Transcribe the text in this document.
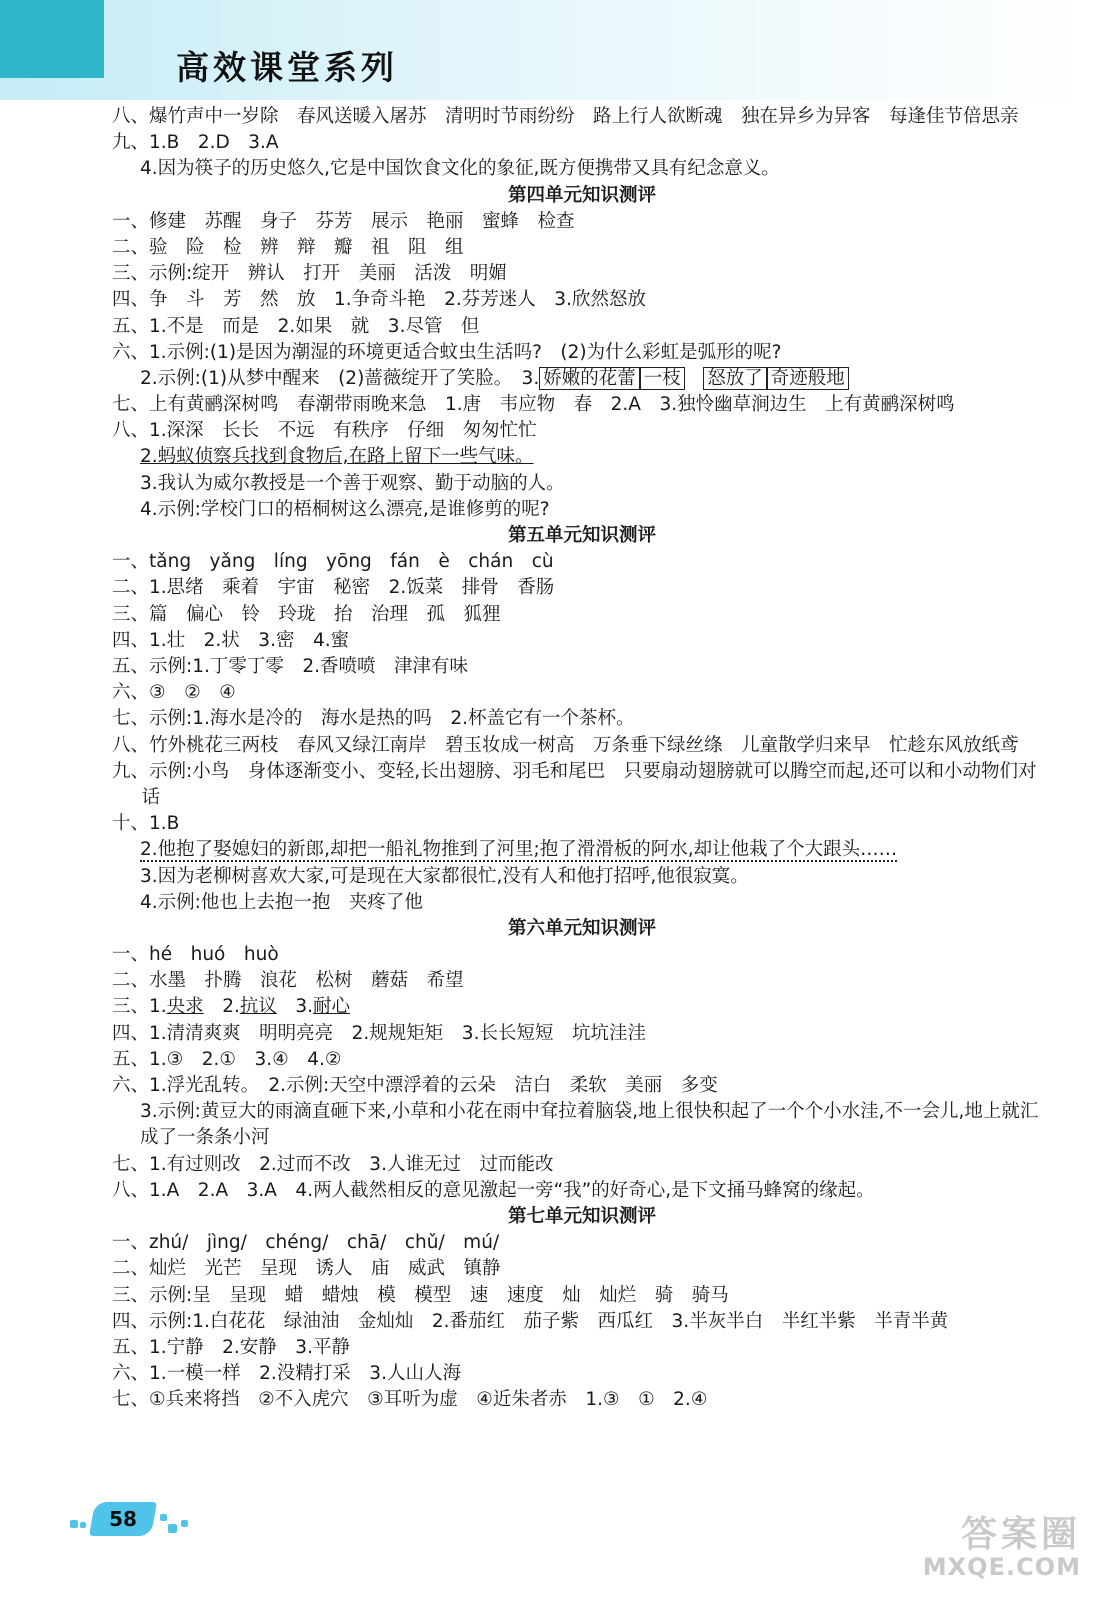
高效课堂系列
八、爆竹声中一岁除　春风送暖入屠苏　清明时节雨纷纷　路上行人欲断魂　独在异乡为异客　每逢佳节倍思亲
九、1.B　2.D　3.A
4.因为筷子的历史悠久,它是中国饮食文化的象征,既方便携带又具有纪念意义。
第四单元知识测评
一、修建　苏醒　身子　芬芳　展示　艳丽　蜜蜂　检查
二、验　险　检　辨　辩　瓣　祖　阻　组
三、示例:绽开　辨认　打开　美丽　活泼　明媚
四、争　斗　芳　然　放　1.争奇斗艳　2.芬芳迷人　3.欣然怒放
五、1.不是　而是　2.如果　就　3.尽管　但
六、1.示例:(1)是因为潮湿的环境更适合蚊虫生活吗?　(2)为什么彩虹是弧形的呢?
2.示例:(1)从梦中醒来　(2)蔷薇绽开了笑脸。　3. 娇嫩的花蕾 一枝　 怒放了 奇迹般地
七、上有黄鹂深树鸣　春潮带雨晚来急　1.唐　韦应物　春　2.A　3.独怜幽草涧边生　上有黄鹂深树鸣
八、1.深深　长长　不远　有秩序　仔细　匆匆忙忙
2.蚂蚁侦察兵找到食物后,在路上留下一些气味。
3.我认为威尔教授是一个善于观察、勤于动脑的人。
4.示例:学校门口的梧桐树这么漂亮,是谁修剪的呢?
第五单元知识测评
一、tǎng　yǎng　líng　yōng　fán　è　chán　cù
二、1.思绪　乘着　宇宙　秘密　2.饭菜　排骨　香肠
三、篇　偏心　铃　玲珑　抬　治理　孤　狐狸
四、1.壮　2.状　3.密　4.蜜
五、示例:1.丁零丁零　2.香喷喷　津津有味
六、③　②　④
七、示例:1.海水是冷的　海水是热的吗　2.杯盖它有一个茶杯。
八、竹外桃花三两枝　春风又绿江南岸　碧玉妆成一树高　万条垂下绿丝绦　儿童散学归来早　忙趁东风放纸鸢
九、示例:小鸟　身体逐渐变小、变轻,长出翅膀、羽毛和尾巴　只要扇动翅膀就可以腾空而起,还可以和小动物们对话
十、1.B
2.他抱了娶媳妇的新郎,却把一船礼物推到了河里;抱了滑滑板的阿水,却让他栽了个大跟头……
3.因为老柳树喜欢大家,可是现在大家都很忙,没有人和他打招呼,他很寂寞。
4.示例:他也上去抱一抱　夹疼了他
第六单元知识测评
一、hé　huó　huò
二、水墨　扑腾　浪花　松树　蘑菇　希望
三、1.央求　 2.抗议　 3.耐心
四、1.清清爽爽　明明亮亮　2.规规矩矩　3.长长短短　坑坑洼洼
五、1.③　2.①　3.④　4.②
六、1.浮光乱转。　2.示例:天空中漂浮着的云朵　洁白　柔软　美丽　多变
3.示例:黄豆大的雨滴直砸下来,小草和小花在雨中耷拉着脑袋,地上很快积起了一个个小水洼,不一会儿,地上就汇成了一条条小河
七、1.有过则改　2.过而不改　3.人谁无过　过而能改
八、1.A　2.A　3.A　4.两人截然相反的意见激起一旁“我”的好奇心,是下文捅马蜂窝的缘起。
第七单元知识测评
一、zhú/　jìng/　chéng/　chā/　chǔ/　mú/
二、灿烂　光芒　呈现　诱人　庙　威武　镇静
三、示例:呈　呈现　蜡　蜡烛　模　模型　速　速度　灿　灿烂　骑　骑马
四、示例:1.白花花　绿油油　金灿灿　2.番茄红　茄子紫　西瓜红　3.半灰半白　半红半紫　半青半黄
五、1.宁静　2.安静　3.平静
六、1.一模一样　2.没精打采　3.人山人海
七、①兵来将挡　②不入虎穴　③耳听为虚　④近朱者赤　1.③　①　2.④
58	答案圈
MXQE.COM
